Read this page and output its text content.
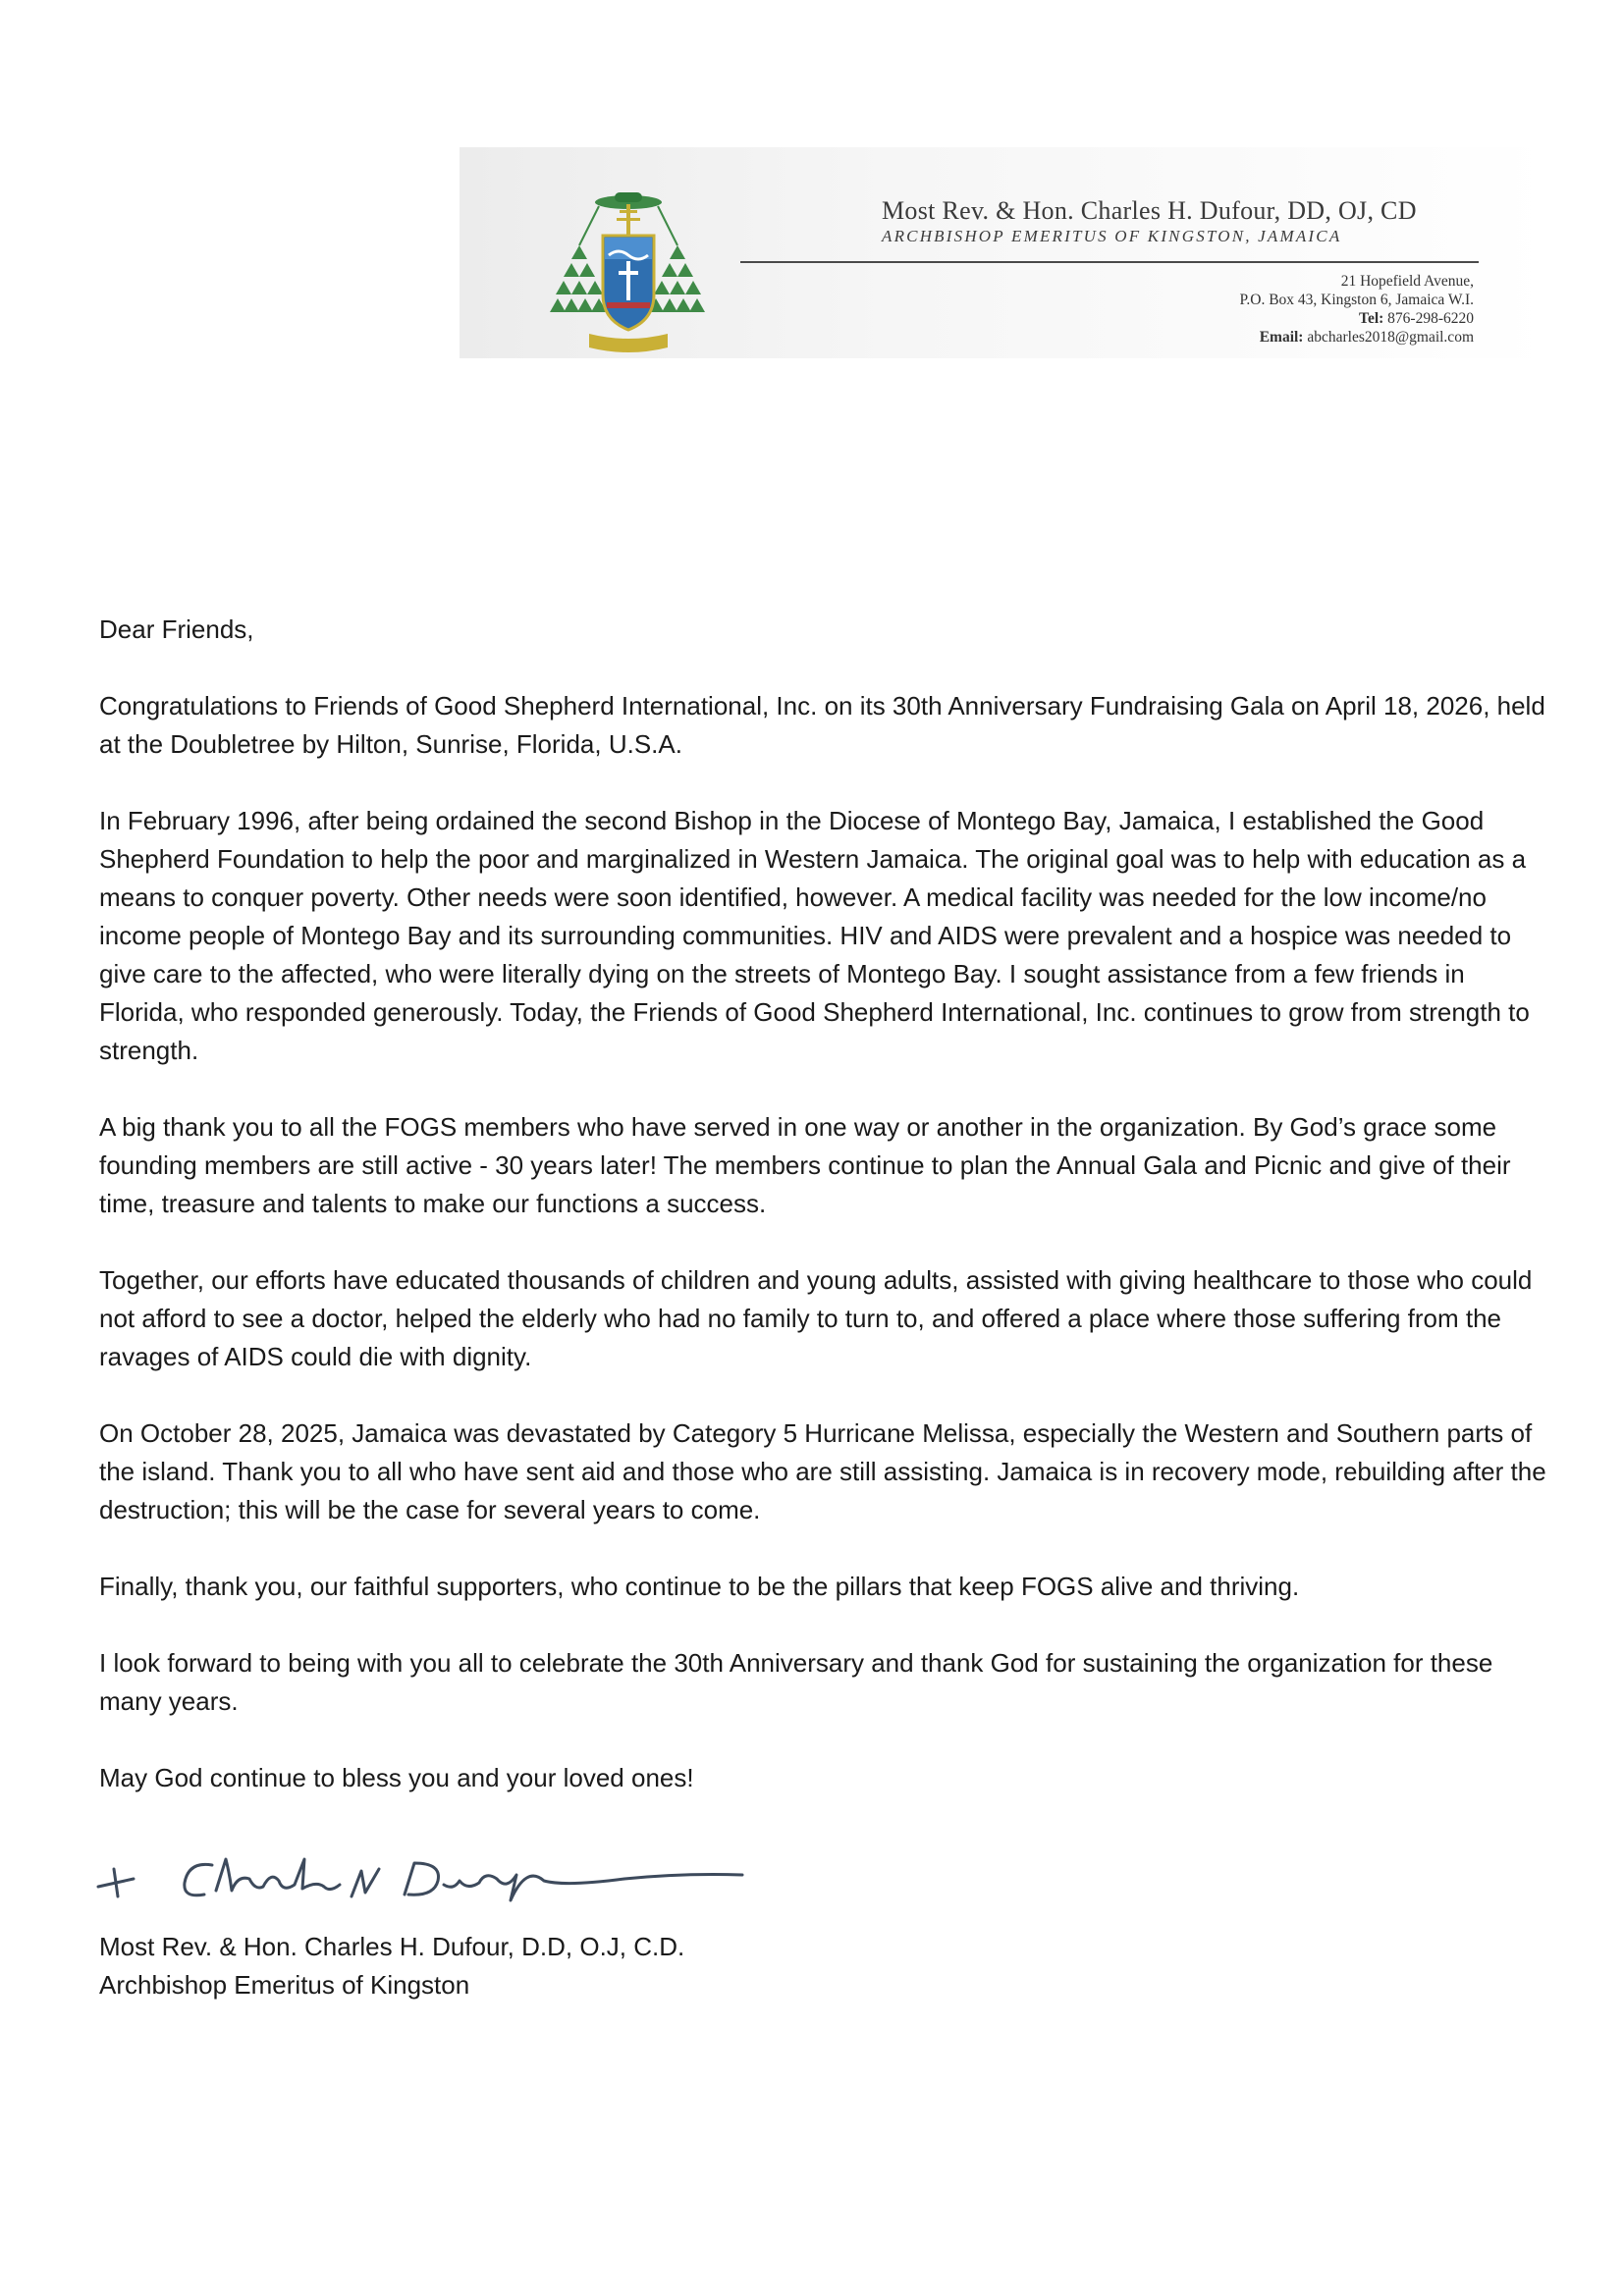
Most Rev. & Hon. Charles H. Dufour, DD, OJ, CD
ARCHBISHOP EMERITUS OF KINGSTON, JAMAICA
21 Hopefield Avenue,
P.O. Box 43, Kingston 6, Jamaica W.I.
Tel: 876-298-6220
Email: abcharles2018@gmail.com

Dear Friends,

Congratulations to Friends of Good Shepherd International, Inc. on its 30th Anniversary Fundraising Gala on April 18, 2026, held at the Doubletree by Hilton, Sunrise, Florida, U.S.A.

In February 1996, after being ordained the second Bishop in the Diocese of Montego Bay, Jamaica, I established the Good Shepherd Foundation to help the poor and marginalized in Western Jamaica. The original goal was to help with education as a means to conquer poverty. Other needs were soon identified, however. A medical facility was needed for the low income/no income people of Montego Bay and its surrounding communities. HIV and AIDS were prevalent and a hospice was needed to give care to the affected, who were literally dying on the streets of Montego Bay. I sought assistance from a few friends in Florida, who responded generously. Today, the Friends of Good Shepherd International, Inc. continues to grow from strength to strength.

A big thank you to all the FOGS members who have served in one way or another in the organization. By God’s grace some founding members are still active - 30 years later! The members continue to plan the Annual Gala and Picnic and give of their time, treasure and talents to make our functions a success.

Together, our efforts have educated thousands of children and young adults, assisted with giving healthcare to those who could not afford to see a doctor, helped the elderly who had no family to turn to, and offered a place where those suffering from the ravages of AIDS could die with dignity.

On October 28, 2025, Jamaica was devastated by Category 5 Hurricane Melissa, especially the Western and Southern parts of the island. Thank you to all who have sent aid and those who are still assisting. Jamaica is in recovery mode, rebuilding after the destruction; this will be the case for several years to come.

Finally, thank you, our faithful supporters, who continue to be the pillars that keep FOGS alive and thriving.

I look forward to being with you all to celebrate the 30th Anniversary and thank God for sustaining the organization for these many years.

May God continue to bless you and your loved ones!

Most Rev. & Hon. Charles H. Dufour, D.D, O.J, C.D.
Archbishop Emeritus of Kingston
